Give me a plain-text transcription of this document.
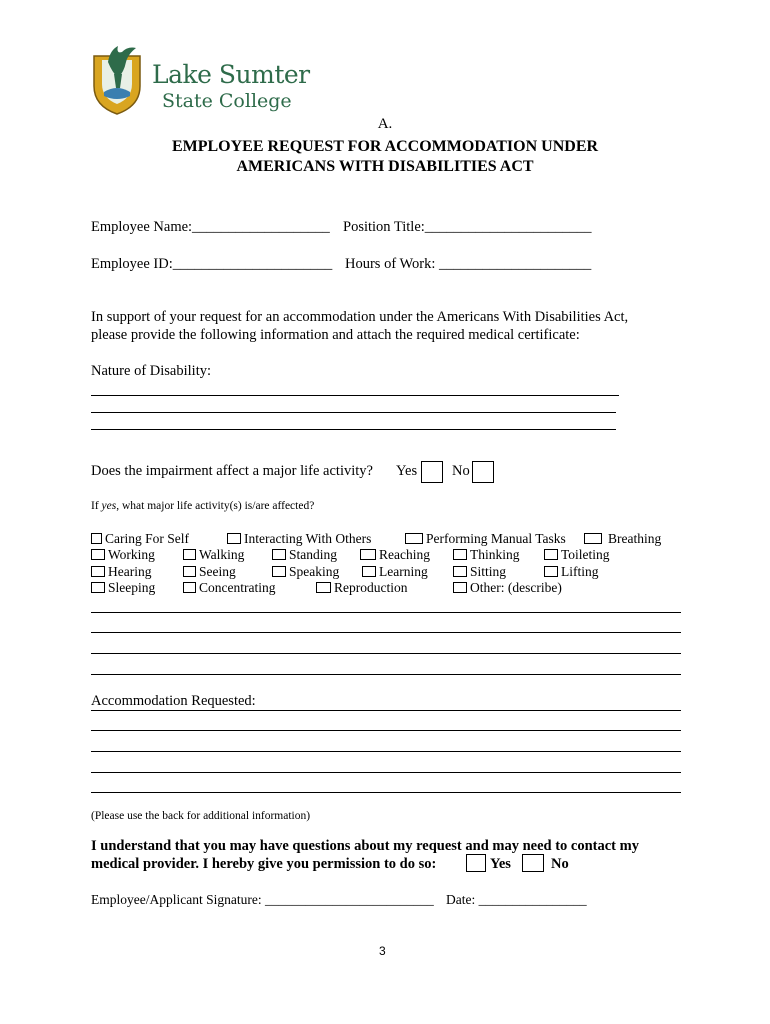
Lake Sumter
State College
A.
EMPLOYEE REQUEST FOR ACCOMMODATION UNDER
AMERICANS WITH DISABILITIES ACT
Employee Name:___________________ Position Title:_______________________
Employee ID:______________________ Hours of Work: _____________________
In support of your request for an accommodation under the Americans With Disabilities Act,
please provide the following information and attach the required medical certificate:
Nature of Disability:
Does the impairment affect a major life activity? Yes No
If yes, what major life activity(s) is/are affected?
Caring For Self	Interacting With Others	Performing Manual Tasks	Breathing
Working	Walking	Standing	Reaching	Thinking	Toileting
Hearing	Seeing	Speaking	Learning	Sitting	Lifting
Sleeping	Concentrating	Reproduction	Other: (describe)
Accommodation Requested:
(Please use the back for additional information)
I understand that you may have questions about my request and may need to contact my
medical provider. I hereby give you permission to do so:	Yes	No
Employee/Applicant Signature: _________________________ Date: ________________
3
